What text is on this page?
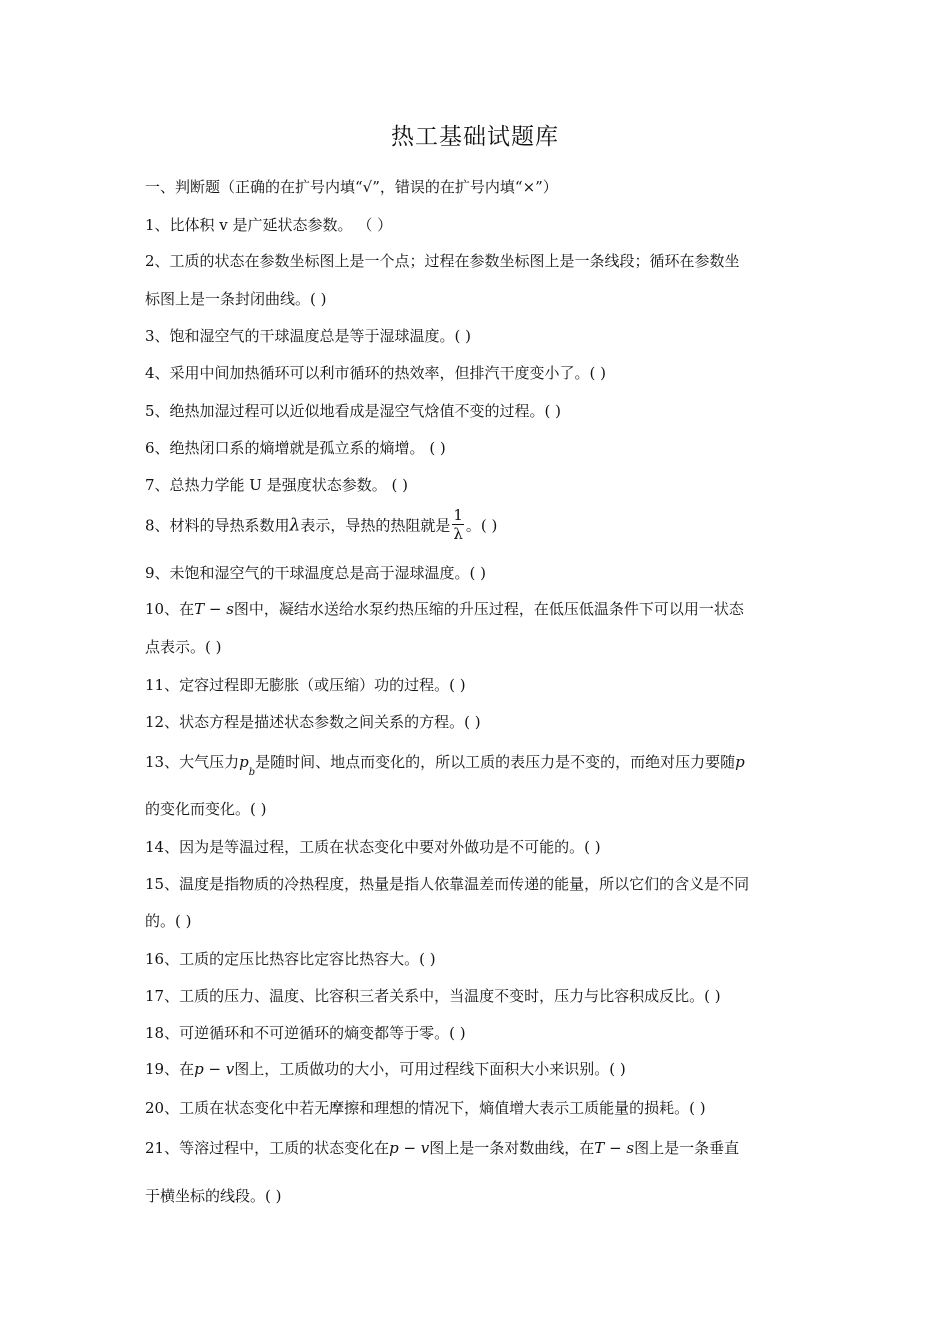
热工基础试题库
一、判断题（正确的在扩号内填“√”，错误的在扩号内填“×”）
1、比体积 v 是广延状态参数。 （ ）
2、工质的状态在参数坐标图上是一个点；过程在参数坐标图上是一条线段；循环在参数坐
标图上是一条封闭曲线。( )
3、饱和湿空气的干球温度总是等于湿球温度。( )
4、采用中间加热循环可以利市循环的热效率，但排汽干度变小了。( )
5、绝热加湿过程可以近似地看成是湿空气焓值不变的过程。( )
6、绝热闭口系的熵增就是孤立系的熵增。 ( )
7、总热力学能 U 是强度状态参数。 ( )
8、材料的导热系数用λ表示，导热的热阻就是 $\frac{1}{\lambda}$ 。( )
9、未饱和湿空气的干球温度总是高于湿球温度。( )
10、在T − s图中，凝结水送给水泵约热压缩的升压过程，在低压低温条件下可以用一状态
点表示。( )
11、定容过程即无膨胀（或压缩）功的过程。( )
12、状态方程是描述状态参数之间关系的方程。( )
13、大气压力$p_b$是随时间、地点而变化的，所以工质的表压力是不变的，而绝对压力要随p
的变化而变化。( )
14、因为是等温过程，工质在状态变化中要对外做功是不可能的。( )
15、温度是指物质的冷热程度，热量是指人依靠温差而传递的能量，所以它们的含义是不同
的。( )
16、工质的定压比热容比定容比热容大。( )
17、工质的压力、温度、比容积三者关系中，当温度不变时，压力与比容积成反比。( )
18、可逆循环和不可逆循环的熵变都等于零。( )
19、在p − v图上，工质做功的大小，可用过程线下面积大小来识别。( )
20、工质在状态变化中若无摩擦和理想的情况下，熵值增大表示工质能量的损耗。( )
21、等溶过程中，工质的状态变化在p − v图上是一条对数曲线，在T − s图上是一条垂直
于横坐标的线段。( )
